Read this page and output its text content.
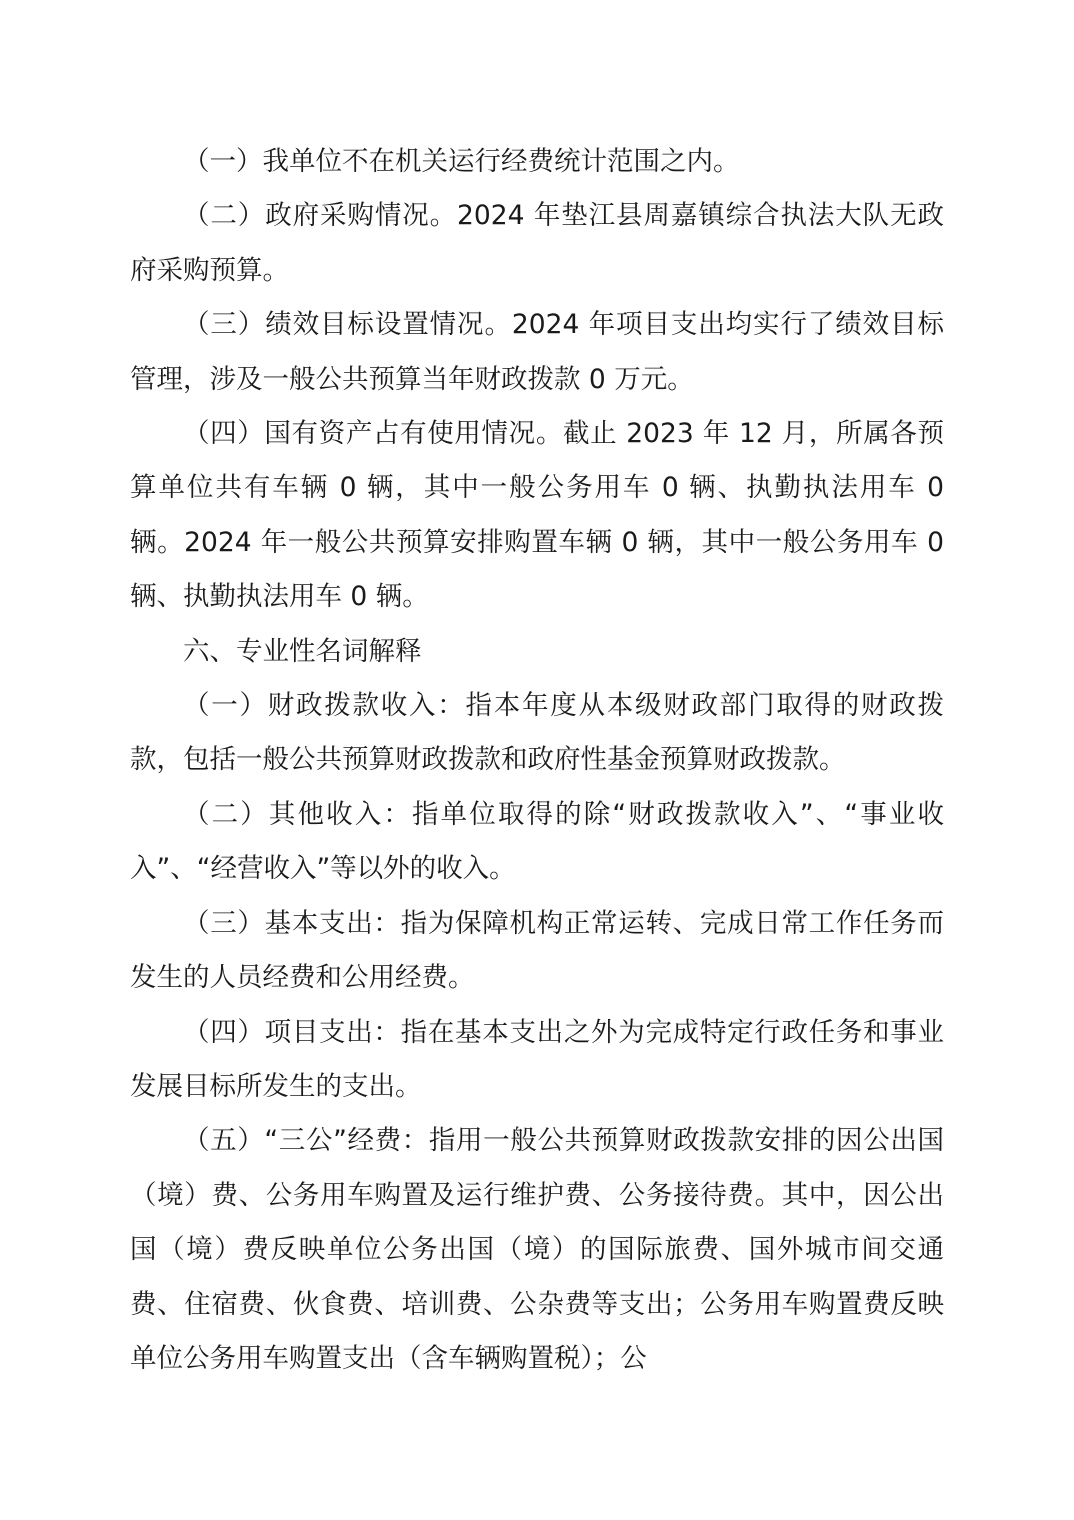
（一）我单位不在机关运行经费统计范围之内。

（二）政府采购情况。2024 年垫江县周嘉镇综合执法大队无政府采购预算。

（三）绩效目标设置情况。2024 年项目支出均实行了绩效目标管理，涉及一般公共预算当年财政拨款 0 万元。

（四）国有资产占有使用情况。截止 2023 年 12 月，所属各预算单位共有车辆 0 辆，其中一般公务用车 0 辆、执勤执法用车 0 辆。2024 年一般公共预算安排购置车辆 0 辆，其中一般公务用车 0 辆、执勤执法用车 0 辆。

六、专业性名词解释

（一）财政拨款收入：指本年度从本级财政部门取得的财政拨款，包括一般公共预算财政拨款和政府性基金预算财政拨款。

（二）其他收入：指单位取得的除“财政拨款收入”、“事业收入”、“经营收入”等以外的收入。

（三）基本支出：指为保障机构正常运转、完成日常工作任务而发生的人员经费和公用经费。

（四）项目支出：指在基本支出之外为完成特定行政任务和事业发展目标所发生的支出。

（五）“三公”经费：指用一般公共预算财政拨款安排的因公出国（境）费、公务用车购置及运行维护费、公务接待费。其中，因公出国（境）费反映单位公务出国（境）的国际旅费、国外城市间交通费、住宿费、伙食费、培训费、公杂费等支出；公务用车购置费反映单位公务用车购置支出（含车辆购置税）；公
